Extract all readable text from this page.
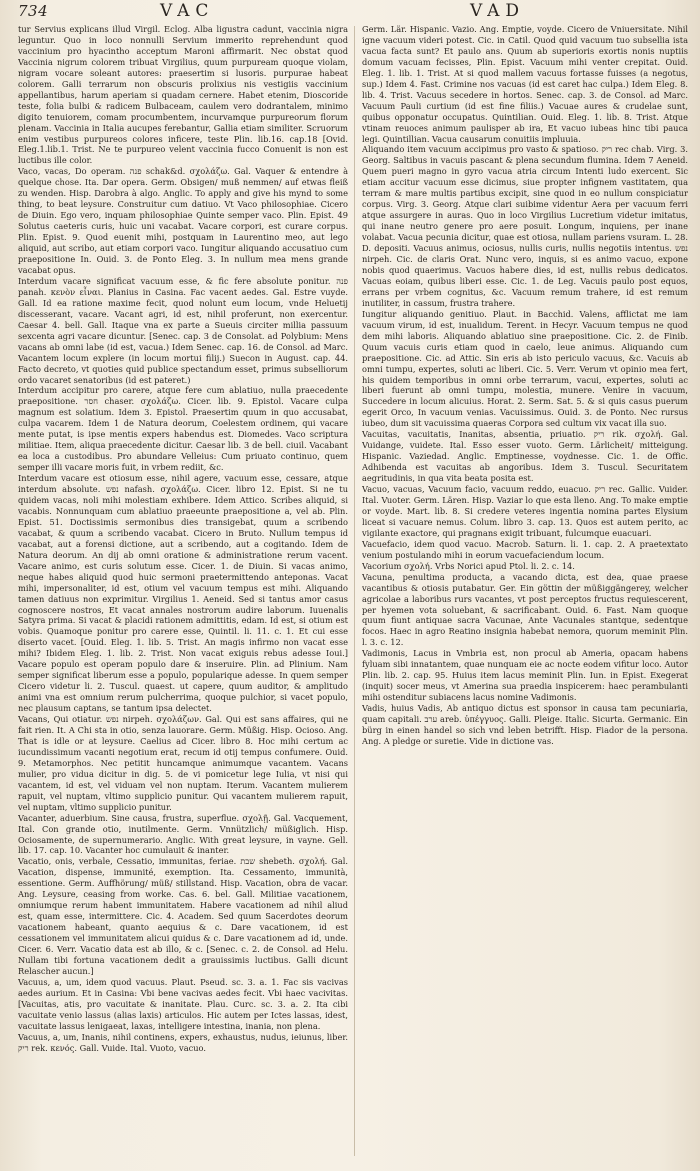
734	VAC	VAD

tur Servius explicans illud Virgil. Eclog. Alba ligustra cadunt, vaccinia nigra leguntur. Quo in loco nonnulli Servium immerito reprehendunt quod vaccinium pro hyacintho acceptum Maroni affirmarit. Nec obstat quod Vaccinia nigrum colorem tribuat Virgilius, quum purpuream quoque violam, nigram vocare soleant autores: praesertim si lusoris. purpurae habeat colorem. Galli terrarum non obscuris prolixius nis vestigiis vaccinium appellantibus, harum aperiam si quadam cernere. Habet etenim, Dioscoride teste, folia bulbi & radicem Bulbaceam, caulem vero dodrantalem, minimo digito tenuiorem, comam procumbentem, incurvamque purpureorum florum plenam. Vaccinia in Italia aucupes ferebantur, Gallia etiam similiter. Scruorum enim vestibus purpureos colores inficere, teste Plin. lib.16. cap.18 [Ovid. Eleg.1.lib.1. Trist. Ne te purpureo velent vaccinia fucco Conuenit is non est luctibus ille color.

Vaco, vacas, Do operam. פנה schak&d. σχολάζω. Gal. Vaquer & entendre à quelque chose. Ita. Dar opera. Germ. Obsigen/ muß nemmen/ auf etwas fleiß zu wenden. Hisp. Darobra à algo. Anglic. To apply and give his mynd to some thing, to beat leysure. Construitur cum datiuo. Vt Vaco philosophiae. Cicero de Diuin. Ego vero, inquam philosophiae Quinte semper vaco. Plin. Epist. 49 Solutus caeteris curis, huic uni vacabat. Vacare corpori, est curare corpus. Plin. Epist. 9. Quod euenit mihi, postquam in Laurentino meo, aut lego aliquid, aut scribo, aut etiam corpori vaco. Iungitur aliquando accusatiuo cum praepositione In. Ouid. 3. de Ponto Eleg. 3. In nullum mea mens grande vacabat opus.

Interdum vacare significat vacuum esse, & fic fere absolute ponitur. פנה panah. κενὸν εἶναι. Planius in Casina. Fac vacent aedes. Gal. Estre vuyde. Gall. Id ea ratione maxime fecit, quod nolunt eum locum, vnde Heluetij discesserant, vacare. Vacant agri, id est, nihil proferunt, non exercentur. Caesar 4. bell. Gall. Itaque vna ex parte a Sueuis circiter millia passuum sexcenta agri vacare dicuntur. [Senec. cap. 3 de Consolat. ad Polybium: Mens vacans ab omni labe (id est, vacua.) Idem Senec. cap. 16. de Consol. ad Marc. Vacantem locum explere (in locum mortui filij.) Suecon in August. cap. 44. Facto decreto, vt quoties quid publice spectandum esset, primus subselliorum ordo vacaret senatoribus (id est pateret.)

Interdum accipitur pro carere, atque fere cum ablatiuo, nulla praecedente praepositione. חסר chaser. σχολάζω. Cicer. lib. 9. Epistol. Vacare culpa magnum est solatium. Idem 3. Epistol. Praesertim quum in quo accusabat, culpa vacarem. Idem 1 de Natura deorum, Coelestem ordinem, qui vacare mente putat, is ipse mentis expers habendus est. Diomedes. Vaco scriptura militiae. Item, aliqua praecedente dicitur. Caesar lib. 3 de bell. ciuil. Vacabant ea loca a custodibus. Pro abundare Velleius: Cum priuato continuo, quem semper illi vacare moris fuit, in vrbem rediit, &c.

Interdum vacare est otiosum esse, nihil agere, vacuum esse, cessare, atque interdum absolute. נפש nafash. σχολάζω. Cicer. libro 12. Epist. Si ne tu quidem vacas, noli mihi molestiam exhibere. Idem Attico. Scribes aliquid, si vacabis. Nonnunquam cum ablatiuo praeeunte praepositione a, vel ab. Plin. Epist. 51. Doctissimis sermonibus dies transigebat, quum a scribendo vacabat, & quum a scribendo vacabat. Cicero in Bruto. Nullum tempus id vacabat, aut a forensi dictione, aut a scribendo, aut a cogitando. Idem de Natura deorum. An dij ab omni oratione & administratione rerum vacent. Vacare animo, est curis solutum esse. Cicer. 1. de Diuin. Si vacas animo, neque habes aliquid quod huic sermoni praetermittendo anteponas. Vacat mihi, impersonaliter, id est, otium vel vacuum tempus est mihi. Aliquando tamen datiuus non exprimitur. Virgilius 1. Aeneid. Sed si tantus amor casus cognoscere nostros, Et vacat annales nostrorum audire laborum. Iuuenalis Satyra prima. Si vacat & placidi rationem admittitis, edam. Id est, si otium est vobis. Quamoque ponitur pro carere esse, Quintil. li. 11. c. 1. Et cui esse diserto vacet. [Ouid. Eleg. 1. lib. 5. Trist. An magis infirmo non vacat esse mihi? Ibidem Eleg. 1. lib. 2. Trist. Non vacat exiguis rebus adesse Ioui.] Vacare populo est operam populo dare & inseruire. Plin. ad Plinium. Nam semper significat liberum esse a populo, popularique adesse. In quem semper Cicero videtur li. 2. Tuscul. quaest. ut capere, quum auditor, & amplitudo animi vna est omnium rerum pulcherrima, quoque pulchior, si vacet populo, nec plausum captans, se tantum ipsa delectet.

Vacans, Qui otiatur. נפש nirpeh. σχολάζων. Gal. Qui est sans affaires, qui ne fait rien. It. A Chi sta in otio, senza lauorare. Germ. Müßig. Hisp. Ocioso. Ang. That is idle or at leysure. Caelius ad Cicer. libro 8. Hoc mihi certum ac iucundissimum vacanti negotium erat, recum id otij tempus confumere. Ouid. 9. Metamorphos. Nec petitit huncamque animumque vacantem. Vacans mulier, pro vidua dicitur in dig. 5. de vi pomicetur lege Iulia, vt nisi qui vacantem, id est, vel viduam vel non nuptam. Iterum. Vacantem mulierem rapuit, vel nuptam, vltimo supplicio punitur. Qui vacantem mulierem rapuit, vel nuptam, vltimo supplicio punitur.

Vacanter, aduerbium. Sine causa, frustra, superflue. σχολῇ. Gal. Vacquement, Ital. Con grande otio, inutilmente. Germ. Vnnützlich/ müßiglich. Hisp. Ociosamente, de supernumerario. Anglic. With great leysure, in vayne. Gell. lib. 17. cap. 10. Vacanter hoc cumulauit & inanter.

Vacatio, onis, verbale, Cessatio, immunitas, feriae. שבת shebeth. σχολή. Gal. Vacation, dispense, immunité, exemption. Ita. Cessamento, immunità, essentione. Germ. Auffhörung/ müß/ stillstand. Hisp. Vacation, obra de vacar. Ang. Leysure, ceasing from worke. Cas. 6. bel. Gall. Militiae vacationem, omniumque rerum habent immunitatem. Habere vacationem ad nihil aliud est, quam esse, intermittere. Cic. 4. Academ. Sed quum Sacerdotes deorum vacationem habeant, quanto aequius & c. Dare vacationem, id est cessationem vel immunitatem alicui quidus & c. Dare vacationem ad id, unde. Cicer. 6. Verr. Vacatio data est ab illo, & c. [Senec. c. 2. de Consol. ad Helu. Nullam tibi fortuna vacationem dedit a grauissimis luctibus. Galli dicunt Relascher aucun.]

Vacuus, a, um, idem quod vacuus. Plaut. Pseud. sc. 3. a. 1. Fac sis vacivas aedes aurium. Et in Casina: Vbi bene vacivas aedes fecit. Vbi haec vacivitas. [Vacuitas, atis, pro vacuitate & inanitate. Plau. Curc. sc. 3. a. 2. Ita cibi vacuitate venio lassus (alias laxis) articulos. Hic autem per Ictes lassas, idest, vacuitate lassus lenigaeat, laxas, intelligere intestina, inania, non plena.

Vacuus, a, um, Inanis, nihil continens, expers, exhaustus, nudus, ieiunus, liber. ריק rek. κενός. Gall. Vuide. Ital. Vuoto, vacuo.

Germ. Lär. Hispanic. Vazio. Ang. Emptie, voyde. Cicero de Vniuersitate. Nihil igne vacuum videri potest. Cic. in Catil. Quod quid vacuum tuo subsellia ista vacua facta sunt? Et paulo ans. Quum ab superioris exortis nonis nuptiis domum vacuam fecisses, Plin. Epist. Vacuum mihi venter crepitat. Ouid. Eleg. 1. lib. 1. Trist. At si quod mallem vacuus fortasse fuisses (a negotus, sup.) Idem 4. Fast. Crimine nos vacuas (id est caret hac culpa.) Idem Eleg. 8. lib. 4. Trist. Vacuus secedere in hortos. Senec. cap. 3. de Consol. ad Marc. Vacuum Pauli curtium (id est fine filiis.) Vacuae aures & crudelae sunt, quibus opponatur occupatus. Quintilian. Ouid. Eleg. 1. lib. 8. Trist. Atque vtinam reuoces animum paulisper ab ira, Et vacuo iubeas hinc tibi pauca legi. Quintillian. Vacua causarum conuitiis impluuia.

Aliquando item vacuum accipimus pro vasto & spatioso. ריק rec chab. Virg. 3. Georg. Saltibus in vacuis pascant & plena secundum flumina. Idem 7 Aeneid. Quem pueri magno in gyro vacua atria circum Intenti ludo exercent. Sic etiam accitur vacuum esse dicimus, siue propter infignem vastitatem, qua terram & mare multis partibus excipit, sine quod in eo nullum conspiciatur corpus. Virg. 3. Georg. Atque clari suibime videntur Aera per vacuum ferri atque assurgere in auras. Quo in loco Virgilius Lucretium videtur imitatus, qui inane neutro genere pro aere posuit. Longum, inquiens, per inane volabat. Vacua pecunia dicitur, quae est otiosa, nullam pariens vsuram. L. 28. D. depositi. Vacuus animus, ociosus, nullis curis, nullis negotiis intentus. נפש nirpeh. Cic. de claris Orat. Nunc vero, inquis, si es animo vacuo, expone nobis quod quaerimus. Vacuos habere dies, id est, nullis rebus dedicatos. Vacuas eoiam, quibus liberi esse. Cic. 1. de Leg. Vacuis paulo post equos, errans per vrbem cognitus, &c. Vacuum remum trahere, id est remum inutiliter, in cassum, frustra trahere.

Iungitur aliquando genitiuo. Plaut. in Bacchid. Valens, afflictat me iam vacuum virum, id est, inualidum. Terent. in Hecyr. Vacuum tempus ne quod dem mihi laboris. Aliquando ablatiuo sine praepositione. Cic. 2. de Finib. Quum vacuis curis etiam quod in caelo, leue animus. Aliquando cum praepositione. Cic. ad Attic. Sin eris ab isto periculo vacuus, &c. Vacuis ab omni tumpu, expertes, soluti ac liberi. Cic. 5. Verr. Verum vt opinio mea fert, his quidem temporibus in omni orbe terrarum, vacui, expertes, soluti ac liberi fuerunt ab omni tumpu, molestia, munere. Venire in vacuum, Succedere in locum alicuius. Horat. 2. Serm. Sat. 5. & si quis casus puerum egerit Orco, In vacuum venias. Vacuissimus. Ouid. 3. de Ponto. Nec rursus iubeo, dum sit vacuissima quaeras Corpora sed cultum vix vacat illa suo.

Vacuitas, vacuitatis, Inanitas, absentia, priuatio. ריק rik. σχολή. Gal. Vuidange, vuidete. Ital. Esso esser vuoto. Germ. Lärlicheit/ mitteigung. Hispanic. Vaziedad. Anglic. Emptinesse, voydnesse. Cic. 1. de Offic. Adhibenda est vacuitas ab angoribus. Idem 3. Tuscul. Securitatem aegritudinis, in qua vita beata posita est.

Vacuo, vacuas, Vacuum facio, vacuum reddo, euacuo. ריק rec. Gallic. Vuider. Ital. Vuoter. Germ. Lären. Hisp. Vaziar lo que esta lleno. Ang. To make emptie or voyde. Mart. lib. 8. Si credere veteres ingentia nomina partes Elysium liceat si vacuare nemus. Colum. libro 3. cap. 13. Quos est autem perito, ac vigilante exactore, qui pragnans exigit tribuant, fulcumque euacuari.

Vacuefacio, idem quod vacuo. Macrob. Saturn. li. 1. cap. 2. A praetextato venium postulando mihi in eorum vacuefaciendum locum.

Vacorium σχολή. Vrbs Norici apud Ptol. li. 2. c. 14.

Vacuna, penultima producta, a vacando dicta, est dea, quae praese vacantibus & otiosis putabatur. Ger. Ein göttin der müßiggängerey, welcher agricolae a laboribus rurs vacantes, vt post perceptos fructus requiescerent, per hyemen vota soluebant, & sacrificabant. Ouid. 6. Fast. Nam quoque quum fiunt antiquae sacra Vacunae, Ante Vacunales stantque, sedentque focos. Haec in agro Reatino insignia habebat nemora, quorum meminit Plin. l. 3. c. 12.

Vadimonis, Lacus in Vmbria est, non procul ab Ameria, opacam habens fyluam sibi innatantem, quae nunquam eie ac nocte eodem vifitur loco. Autor Plin. lib. 2. cap. 95. Huius item lacus meminit Plin. Iun. in Epist. Exegerat (inquit) socer meus, vt Amerina sua praedia inspicerem: haec perambulanti mihi ostenditur subiacens lacus nomine Vadimonis.

Vadis, huius Vadis, Ab antiquo dictus est sponsor in causa tam pecuniaria, quam capitali. ערב areb. ὑπέγγυος. Galli. Pleige. Italic. Sicurta. Germanic. Ein bürg in einen handel so sich vnd leben betrifft. Hisp. Fiador de la persona. Ang. A pledge or suretie. Vide in dictione vas.
